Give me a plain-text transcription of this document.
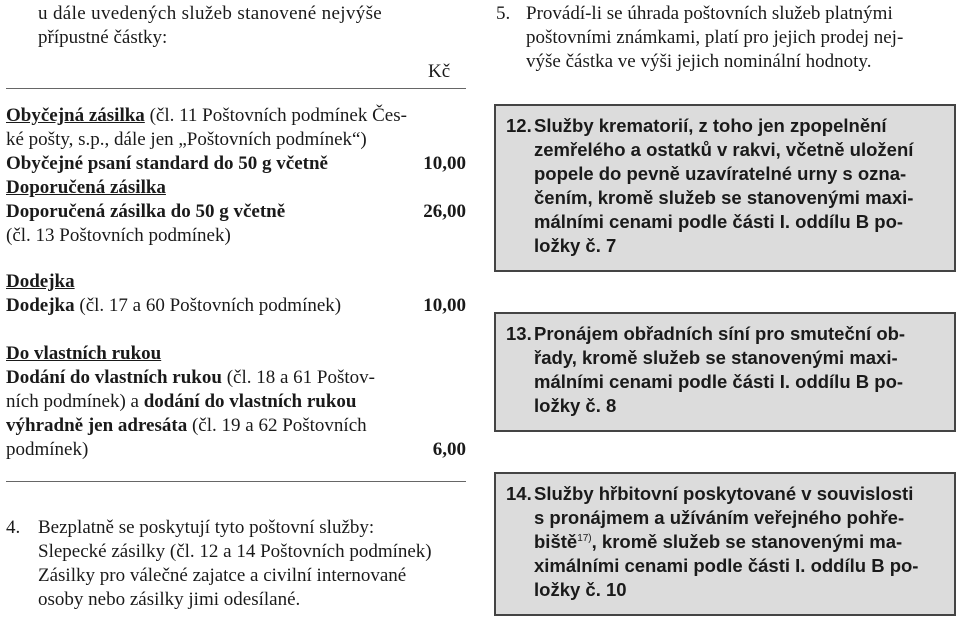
u dále uvedených služeb stanovené nejvýše
přípustné částky:
Kč
Obyčejná zásilka (čl. 11 Poštovních podmínek Čes-
ké pošty, s.p., dále jen „Poštovních podmínek“)
Obyčejné psaní standard do 50 g včetně	10,00
Doporučená zásilka
Doporučená zásilka do 50 g včetně	26,00
(čl. 13 Poštovních podmínek)
Dodejka
Dodejka (čl. 17 a 60 Poštovních podmínek)	10,00
Do vlastních rukou
Dodání do vlastních rukou (čl. 18 a 61 Poštov-
ních podmínek) a dodání do vlastních rukou
výhradně jen adresáta (čl. 19 a 62 Poštovních
podmínek)	6,00
4. Bezplatně se poskytují tyto poštovní služby:
Slepecké zásilky (čl. 12 a 14 Poštovních podmínek)
Zásilky pro válečné zajatce a civilní internované
osoby nebo zásilky jimi odesílané.
5. Provádí-li se úhrada poštovních služeb platnými
poštovními známkami, platí pro jejich prodej nej-
výše částka ve výši jejich nominální hodnoty.
12. Služby krematorií, z toho jen zpopelnění
zemřelého a ostatků v rakvi, včetně uložení
popele do pevně uzavíratelné urny s ozna-
čením, kromě služeb se stanovenými maxi-
málními cenami podle části I. oddílu B po-
ložky č. 7
13. Pronájem obřadních síní pro smuteční ob-
řady, kromě služeb se stanovenými maxi-
málními cenami podle části I. oddílu B po-
ložky č. 8
14. Služby hřbitovní poskytované v souvislosti
s pronájmem a užíváním veřejného pohře-
biště$^{17)}$, kromě služeb se stanovenými ma-
ximálními cenami podle části I. oddílu B po-
ložky č. 10
